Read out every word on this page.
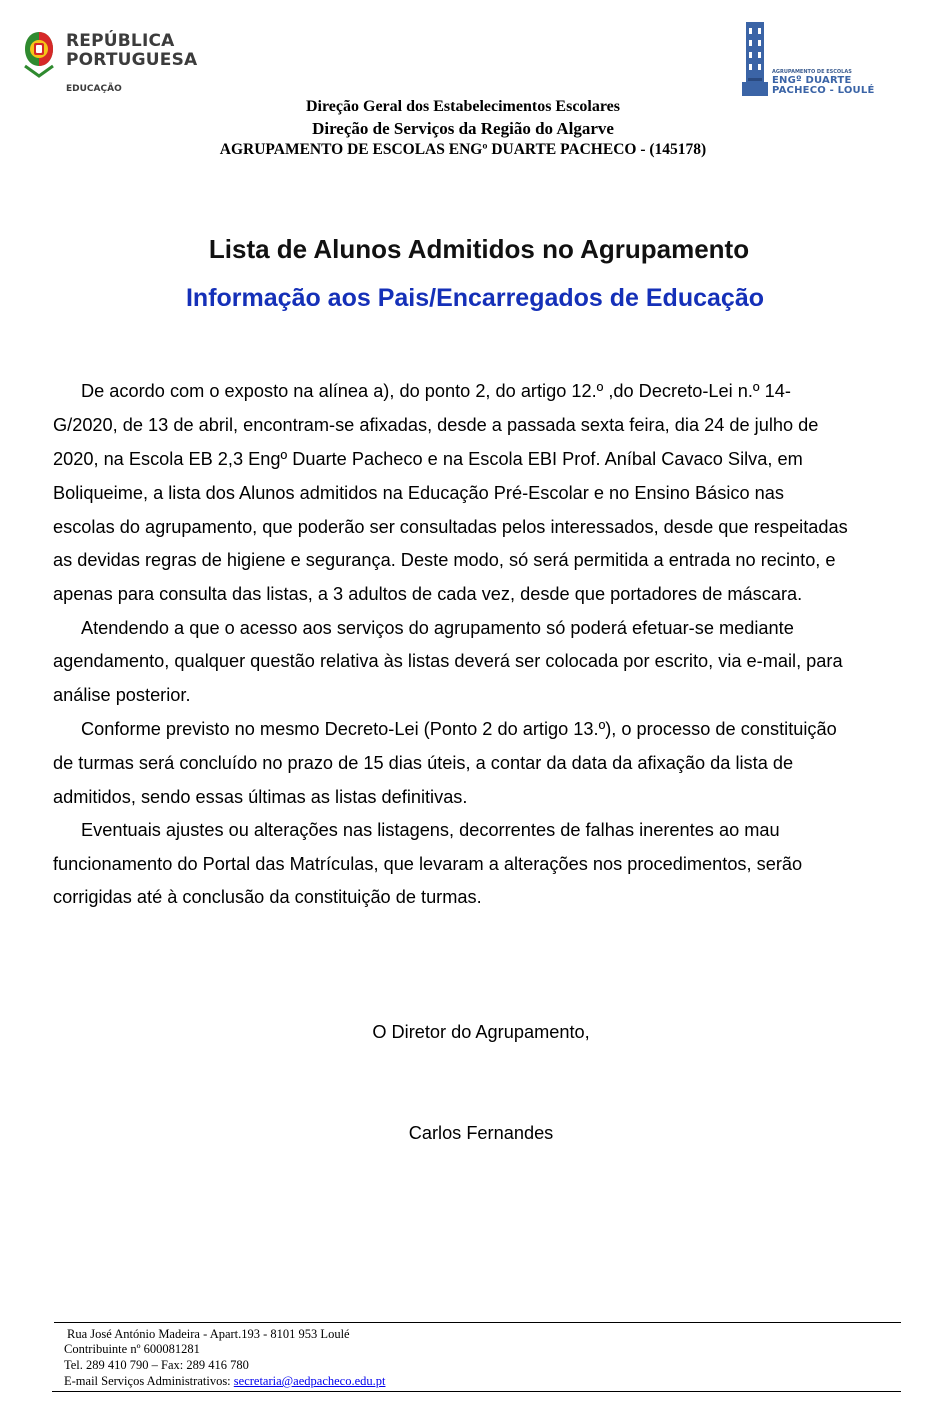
REPÚBLICA
PORTUGUESA
EDUCAÇÃO
AGRUPAMENTO DE ESCOLAS
ENGº DUARTE
PACHECO - LOULÉ
Direção Geral dos Estabelecimentos Escolares
Direção de Serviços da Região do Algarve
AGRUPAMENTO DE ESCOLAS ENGº DUARTE PACHECO - (145178)
Lista de Alunos Admitidos no Agrupamento
Informação aos Pais/Encarregados de Educação
De acordo com o exposto na alínea a), do ponto 2, do artigo 12.º ,do Decreto-Lei n.º 14-
G/2020, de 13 de abril, encontram-se afixadas, desde a passada sexta feira, dia 24 de julho de
2020, na Escola EB 2,3 Engº Duarte Pacheco e na Escola EBI Prof. Aníbal Cavaco Silva, em
Boliqueime, a lista dos Alunos admitidos na Educação Pré-Escolar e no Ensino Básico nas
escolas do agrupamento, que poderão ser consultadas pelos interessados, desde que respeitadas
as devidas regras de higiene e segurança. Deste modo, só será permitida a entrada no recinto, e
apenas para consulta das listas, a 3 adultos de cada vez, desde que portadores de máscara.
Atendendo a que o acesso aos serviços do agrupamento só poderá efetuar-se mediante
agendamento, qualquer questão relativa às listas deverá ser colocada por escrito, via e-mail, para
análise posterior.
Conforme previsto no mesmo Decreto-Lei (Ponto 2 do artigo 13.º), o processo de constituição
de turmas será concluído no prazo de 15 dias úteis, a contar da data da afixação da lista de
admitidos, sendo essas últimas as listas definitivas.
Eventuais ajustes ou alterações nas listagens, decorrentes de falhas inerentes ao mau
funcionamento do Portal das Matrículas, que levaram a alterações nos procedimentos, serão
corrigidas até à conclusão da constituição de turmas.
O Diretor do Agrupamento,
Carlos Fernandes
Rua José António Madeira - Apart.193 - 8101 953 Loulé
Contribuinte nº 600081281
Tel. 289 410 790 – Fax: 289 416 780
E-mail Serviços Administrativos: secretaria@aedpacheco.edu.pt
